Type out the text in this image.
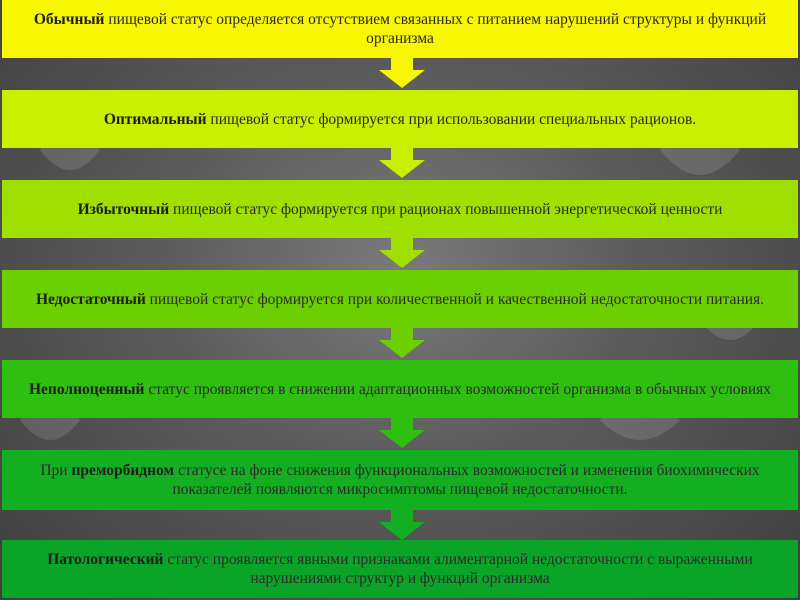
Обычный пищевой статус определяется отсутствием связанных с питанием нарушений структуры и функций организма
Оптимальный пищевой статус формируется при использовании специальных рационов.
Избыточный пищевой статус формируется при рационах повышенной энергетической ценности
Недостаточный пищевой статус формируется при количественной и качественной недостаточности питания.
Неполноценный статус проявляется в снижении адаптационных возможностей организма в обычных условиях
При преморбидном статусе на фоне снижения функциональных возможностей и изменения биохимических показателей появляются микросимптомы пищевой недостаточности.
Патологический статус проявляется явными признаками алиментарной недостаточности с выраженными нарушениями структур и функций организма
